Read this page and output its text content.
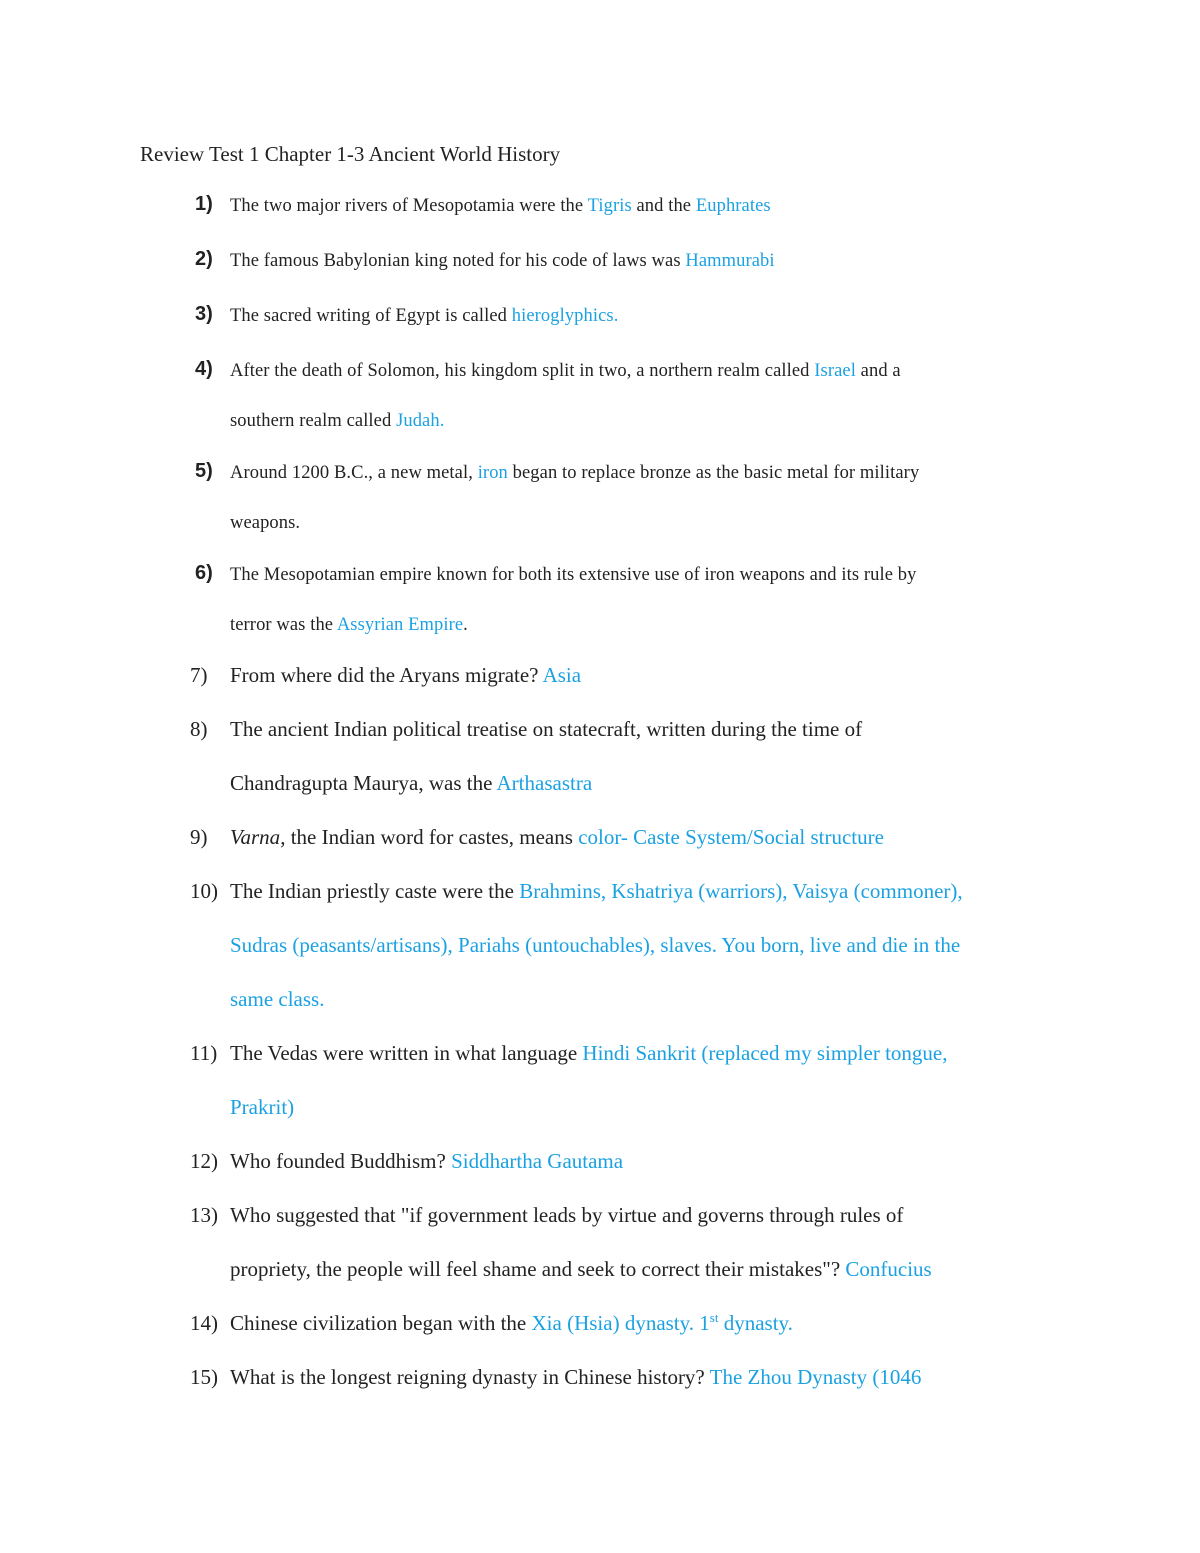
Review Test 1 Chapter 1-3 Ancient World History
1) The two major rivers of Mesopotamia were the Tigris and the Euphrates
2) The famous Babylonian king noted for his code of laws was Hammurabi
3) The sacred writing of Egypt is called hieroglyphics.
4) After the death of Solomon, his kingdom split in two, a northern realm called Israel and a
southern realm called Judah.
5) Around 1200 B.C., a new metal, iron began to replace bronze as the basic metal for military
weapons.
6) The Mesopotamian empire known for both its extensive use of iron weapons and its rule by
terror was the Assyrian Empire.
7) From where did the Aryans migrate? Asia
8) The ancient Indian political treatise on statecraft, written during the time of
Chandragupta Maurya, was the Arthasastra
9) Varna, the Indian word for castes, means color- Caste System/Social structure
10) The Indian priestly caste were the Brahmins, Kshatriya (warriors), Vaisya (commoner),
Sudras (peasants/artisans), Pariahs (untouchables), slaves. You born, live and die in the
same class.
11) The Vedas were written in what language Hindi Sankrit (replaced my simpler tongue,
Prakrit)
12) Who founded Buddhism? Siddhartha Gautama
13) Who suggested that "if government leads by virtue and governs through rules of
propriety, the people will feel shame and seek to correct their mistakes"? Confucius
14) Chinese civilization began with the Xia (Hsia) dynasty. 1st dynasty.
15) What is the longest reigning dynasty in Chinese history? The Zhou Dynasty (1046
